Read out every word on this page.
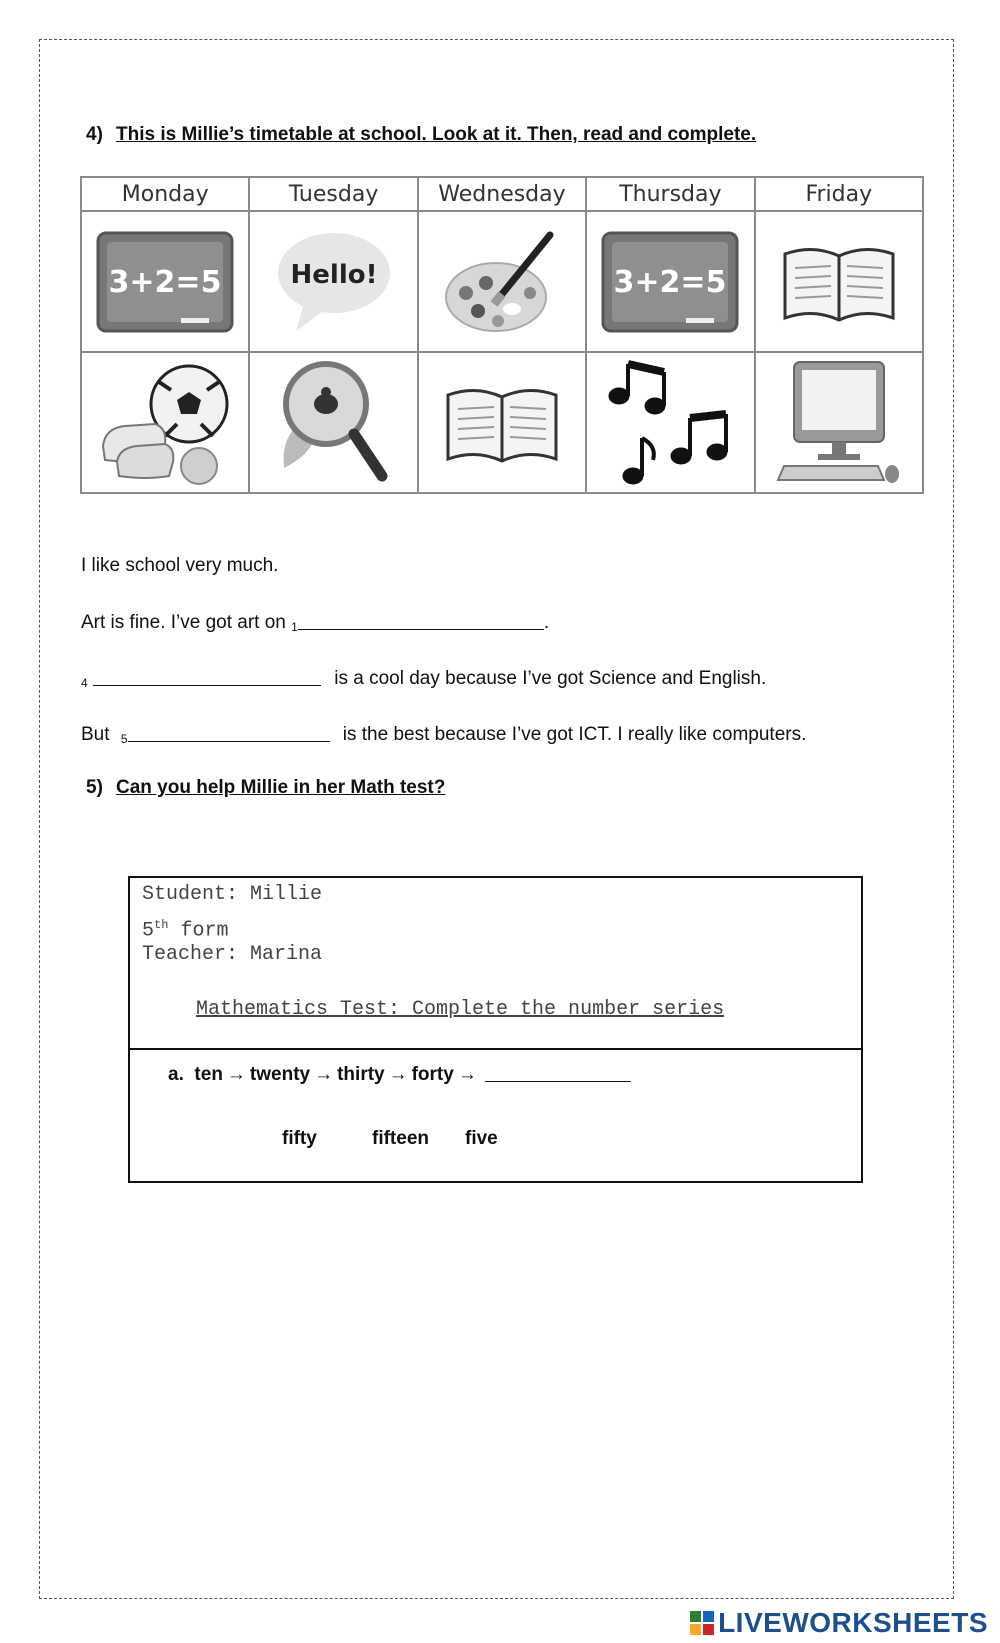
4) This is Millie’s timetable at school. Look at it. Then, read and complete.
Monday	Tuesday	Wednesday	Thursday	Friday

3+2=5	Hello!		3+2=5

I like school very much.
Art is fine. I’ve got art on $_1$	.
$_4$	is a cool day because I’ve got Science and English.
But $_5$	is the best because I’ve got ICT. I really like computers.
5) Can you help Millie in her Math test?
Student: Millie
5th form
Teacher: Marina
Mathematics Test: Complete the number series
a. ten → twenty → thirty → forty →
fifty	fifteen five
LIVEWORKSHEETS
